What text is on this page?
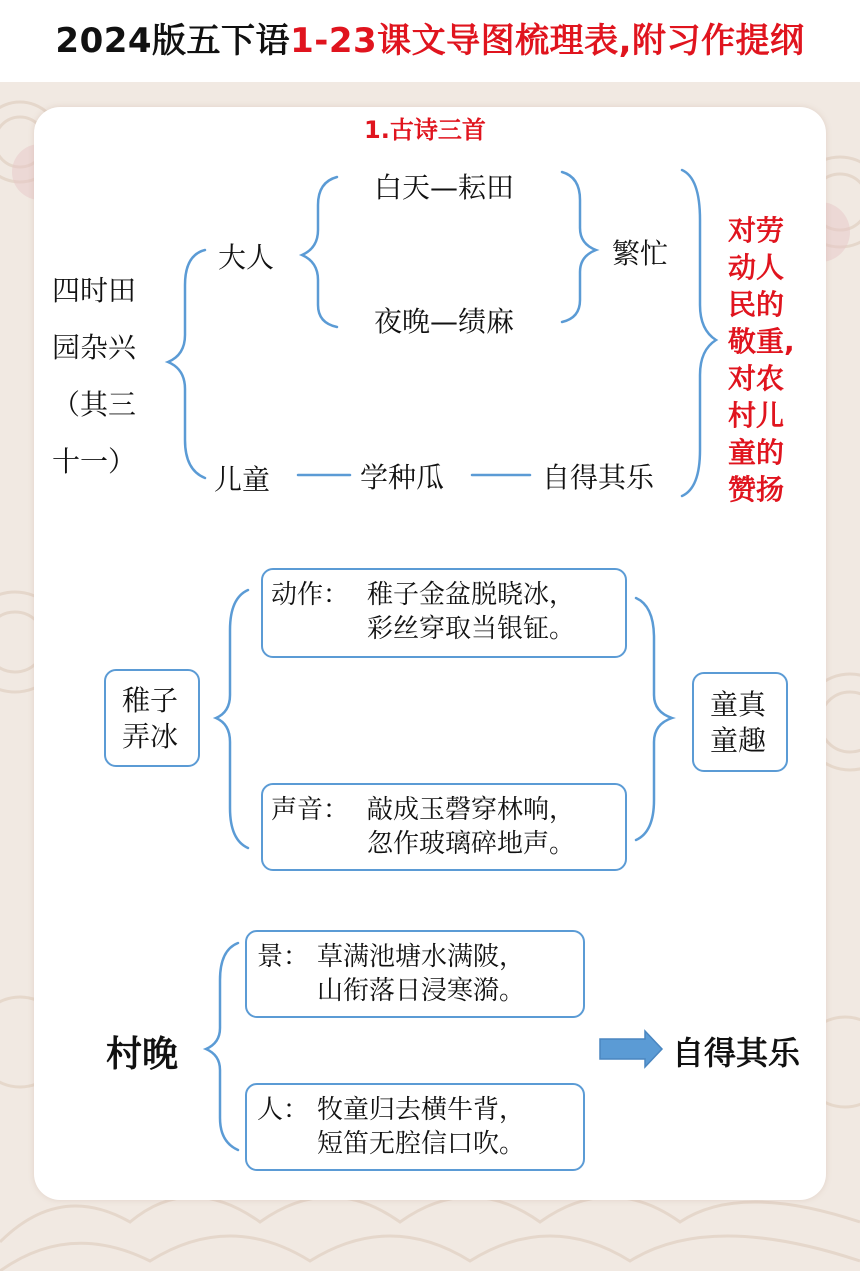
2024版五下语1-23课文导图梳理表,附习作提纲
1.古诗三首
四时田
园杂兴
（其三
十一）
大人
白天—耘田
夜晚—绩麻
繁忙
儿童	学种瓜	自得其乐
对劳
动人
民的
敬重,
对农
村儿
童的
赞扬
稚子
弄冰
动作： 稚子金盆脱晓冰，
彩丝穿取当银钲。
声音： 敲成玉磬穿林响，
忽作玻璃碎地声。
童真
童趣
村晚
景： 草满池塘水满陂，
山衔落日浸寒漪。
人： 牧童归去横牛背，
短笛无腔信口吹。
自得其乐
